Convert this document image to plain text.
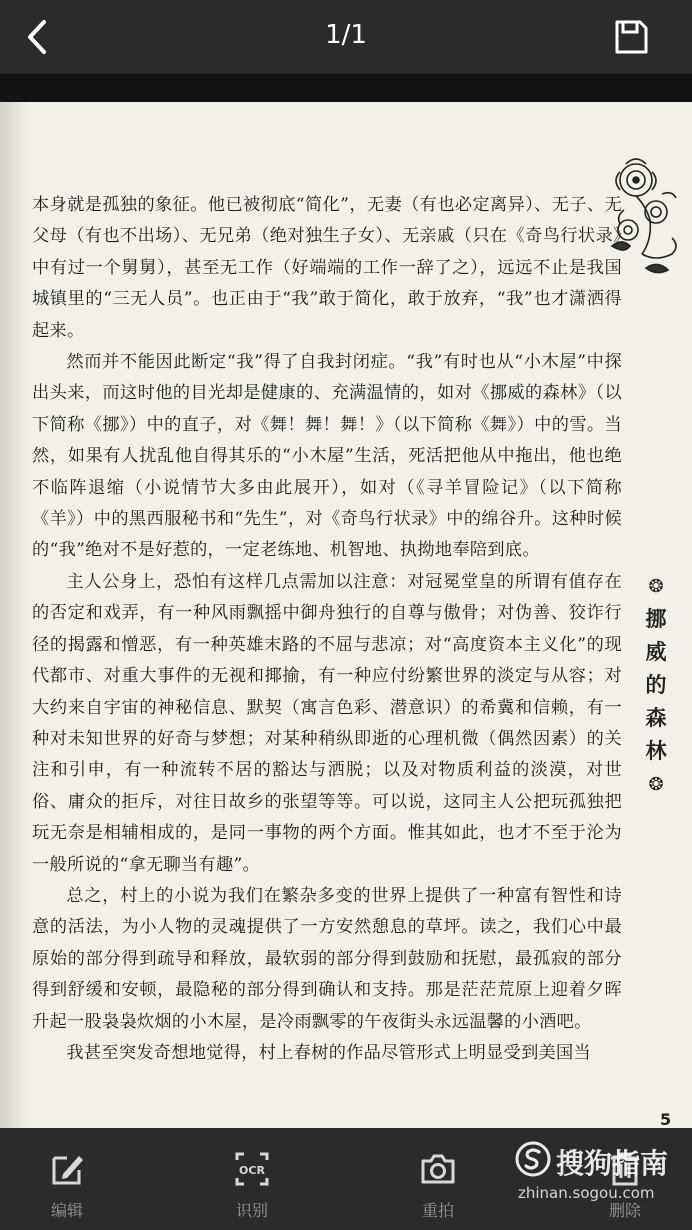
1/1

本身就是孤独的象征。他已被彻底“简化”，无妻（有也必定离异）、无子、无父母（有也不出场）、无兄弟（绝对独生子女）、无亲戚（只在《奇鸟行状录》中有过一个舅舅），甚至无工作（好端端的工作一辞了之），远远不止是我国城镇里的“三无人员”。也正由于“我”敢于简化，敢于放弃，“我”也才潇洒得起来。

然而并不能因此断定“我”得了自我封闭症。“我”有时也从“小木屋”中探出头来，而这时他的目光却是健康的、充满温情的，如对《挪威的森林》（以下简称《挪》）中的直子，对《舞！舞！舞！》（以下简称《舞》）中的雪。当然，如果有人扰乱他自得其乐的“小木屋”生活，死活把他从中拖出，他也绝不临阵退缩（小说情节大多由此展开），如对（《寻羊冒险记》（以下简称《羊》）中的黑西服秘书和“先生”，对《奇鸟行状录》中的绵谷升。这种时候的“我”绝对不是好惹的，一定老练地、机智地、执拗地奉陪到底。

主人公身上，恐怕有这样几点需加以注意：对冠冕堂皇的所谓有值存在的否定和戏弄，有一种风雨飘摇中御舟独行的自尊与傲骨；对伪善、狡诈行径的揭露和憎恶，有一种英雄末路的不屈与悲凉；对“高度资本主义化”的现代都市、对重大事件的无视和揶揄，有一种应付纷繁世界的淡定与从容；对大约来自宇宙的神秘信息、默契（寓言色彩、潜意识）的希冀和信赖，有一种对未知世界的好奇与梦想；对某种稍纵即逝的心理机微（偶然因素）的关注和引申，有一种流转不居的豁达与洒脱；以及对物质利益的淡漠，对世俗、庸众的拒斥，对往日故乡的张望等等。可以说，这同主人公把玩孤独把玩无奈是相辅相成的，是同一事物的两个方面。惟其如此，也才不至于沦为一般所说的“拿无聊当有趣”。

总之，村上的小说为我们在繁杂多变的世界上提供了一种富有智性和诗意的活法，为小人物的灵魂提供了一方安然憩息的草坪。读之，我们心中最原始的部分得到疏导和释放，最软弱的部分得到鼓励和抚慰，最孤寂的部分得到舒缓和安顿，最隐秘的部分得到确认和支持。那是茫茫荒原上迎着夕晖升起一股袅袅炊烟的小木屋，是冷雨飘零的午夜街头永远温馨的小酒吧。

我甚至突发奇想地觉得，村上春树的作品尽管形式上明显受到美国当

❂
挪
威
的
森
林
❂
5
编辑
OCR
识别	重拍	删除
搜狗指南
zhinan.sogou.com
